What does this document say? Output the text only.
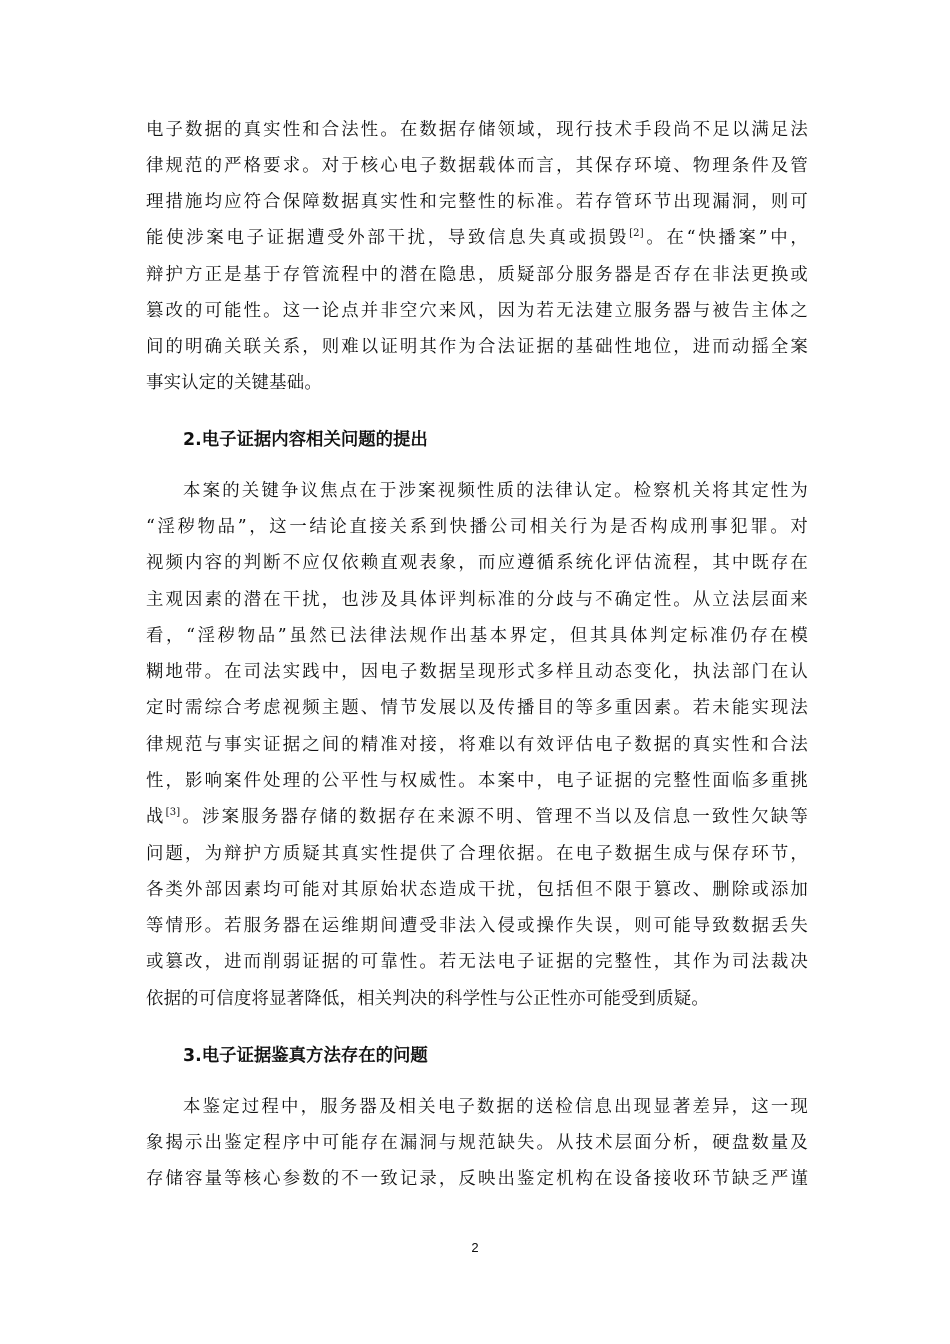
电子数据的真实性和合法性。在数据存储领域，现行技术手段尚不足以满足法
律规范的严格要求。对于核心电子数据载体而言，其保存环境、物理条件及管
理措施均应符合保障数据真实性和完整性的标准。若存管环节出现漏洞，则可
能使涉案电子证据遭受外部干扰，导致信息失真或损毁[2]。在“快播案”中，
辩护方正是基于存管流程中的潜在隐患，质疑部分服务器是否存在非法更换或
篡改的可能性。这一论点并非空穴来风，因为若无法建立服务器与被告主体之
间的明确关联关系，则难以证明其作为合法证据的基础性地位，进而动摇全案
事实认定的关键基础。
2.电子证据内容相关问题的提出
本案的关键争议焦点在于涉案视频性质的法律认定。检察机关将其定性为
“淫秽物品”，这一结论直接关系到快播公司相关行为是否构成刑事犯罪。对
视频内容的判断不应仅依赖直观表象，而应遵循系统化评估流程，其中既存在
主观因素的潜在干扰，也涉及具体评判标准的分歧与不确定性。从立法层面来
看，“淫秽物品”虽然已法律法规作出基本界定，但其具体判定标准仍存在模
糊地带。在司法实践中，因电子数据呈现形式多样且动态变化，执法部门在认
定时需综合考虑视频主题、情节发展以及传播目的等多重因素。若未能实现法
律规范与事实证据之间的精准对接，将难以有效评估电子数据的真实性和合法
性，影响案件处理的公平性与权威性。本案中，电子证据的完整性面临多重挑
战[3]。涉案服务器存储的数据存在来源不明、管理不当以及信息一致性欠缺等
问题，为辩护方质疑其真实性提供了合理依据。在电子数据生成与保存环节，
各类外部因素均可能对其原始状态造成干扰，包括但不限于篡改、删除或添加
等情形。若服务器在运维期间遭受非法入侵或操作失误，则可能导致数据丢失
或篡改，进而削弱证据的可靠性。若无法电子证据的完整性，其作为司法裁决
依据的可信度将显著降低，相关判决的科学性与公正性亦可能受到质疑。
3.电子证据鉴真方法存在的问题
本鉴定过程中，服务器及相关电子数据的送检信息出现显著差异，这一现
象揭示出鉴定程序中可能存在漏洞与规范缺失。从技术层面分析，硬盘数量及
存储容量等核心参数的不一致记录，反映出鉴定机构在设备接收环节缺乏严谨
2
